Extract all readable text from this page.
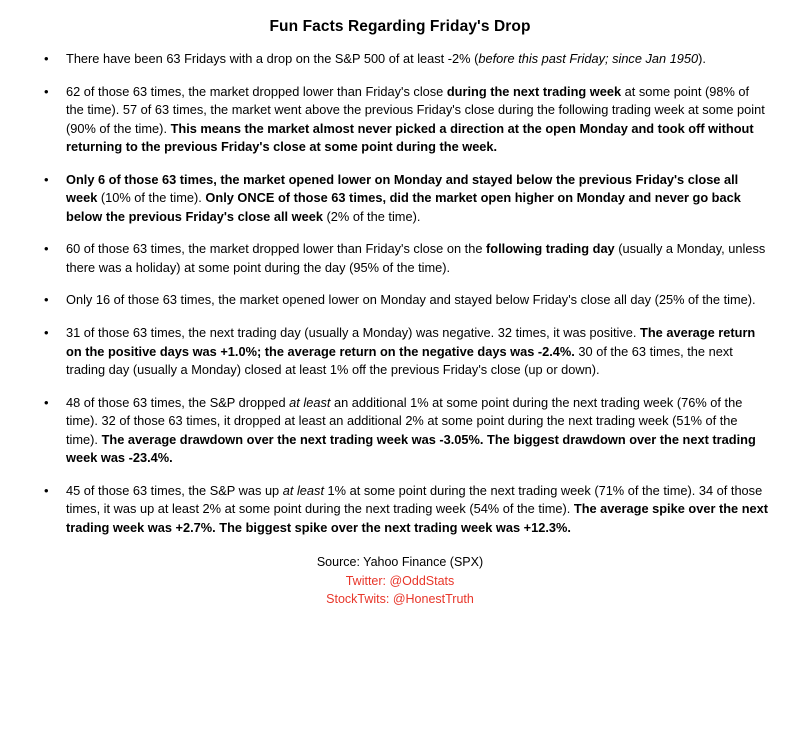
Fun Facts Regarding Friday's Drop
• There have been 63 Fridays with a drop on the S&P 500 of at least -2% (before this past Friday; since Jan 1950).

• 62 of those 63 times, the market dropped lower than Friday's close during the next trading week at some point (98% of the time). 57 of 63 times, the market went above the previous Friday's close during the following trading week at some point (90% of the time). This means the market almost never picked a direction at the open Monday and took off without returning to the previous Friday's close at some point during the week.

• Only 6 of those 63 times, the market opened lower on Monday and stayed below the previous Friday's close all week (10% of the time). Only ONCE of those 63 times, did the market open higher on Monday and never go back below the previous Friday's close all week (2% of the time).

• 60 of those 63 times, the market dropped lower than Friday's close on the following trading day (usually a Monday, unless there was a holiday) at some point during the day (95% of the time).

• Only 16 of those 63 times, the market opened lower on Monday and stayed below Friday's close all day (25% of the time).

• 31 of those 63 times, the next trading day (usually a Monday) was negative. 32 times, it was positive. The average return on the positive days was +1.0%; the average return on the negative days was -2.4%. 30 of the 63 times, the next trading day (usually a Monday) closed at least 1% off the previous Friday's close (up or down).

• 48 of those 63 times, the S&P dropped at least an additional 1% at some point during the next trading week (76% of the time). 32 of those 63 times, it dropped at least an additional 2% at some point during the next trading week (51% of the time). The average drawdown over the next trading week was -3.05%. The biggest drawdown over the next trading week was -23.4%.

• 45 of those 63 times, the S&P was up at least 1% at some point during the next trading week (71% of the time). 34 of those times, it was up at least 2% at some point during the next trading week (54% of the time). The average spike over the next trading week was +2.7%. The biggest spike over the next trading week was +12.3%.

Source: Yahoo Finance (SPX)
Twitter: @OddStats
StockTwits: @HonestTruth
